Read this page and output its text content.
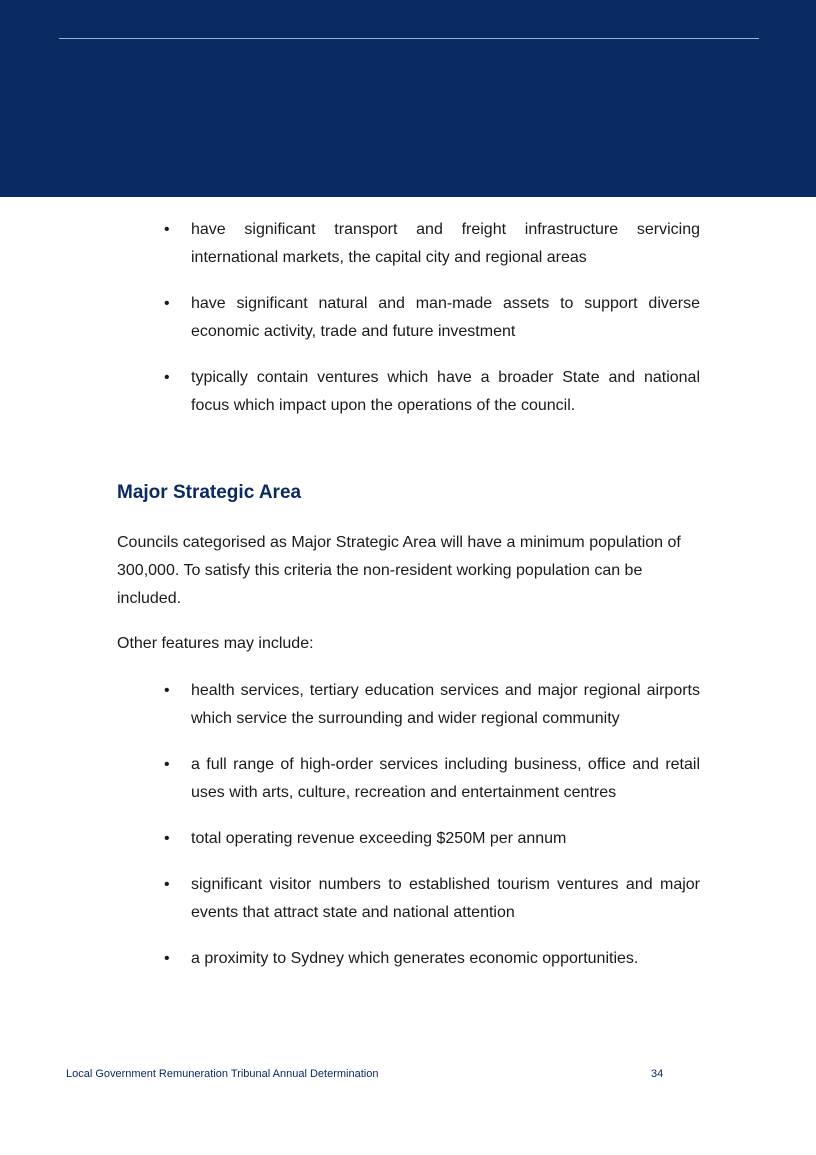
• have significant transport and freight infrastructure servicing international markets, the capital city and regional areas
• have significant natural and man-made assets to support diverse economic activity, trade and future investment
• typically contain ventures which have a broader State and national focus which impact upon the operations of the council.
Major Strategic Area

Councils categorised as Major Strategic Area will have a minimum population of 300,000. To satisfy this criteria the non-resident working population can be included.

Other features may include:

• health services, tertiary education services and major regional airports which service the surrounding and wider regional community
• a full range of high-order services including business, office and retail uses with arts, culture, recreation and entertainment centres
• total operating revenue exceeding $250M per annum
• significant visitor numbers to established tourism ventures and major events that attract state and national attention
• a proximity to Sydney which generates economic opportunities.
Local Government Remuneration Tribunal Annual Determination	34
